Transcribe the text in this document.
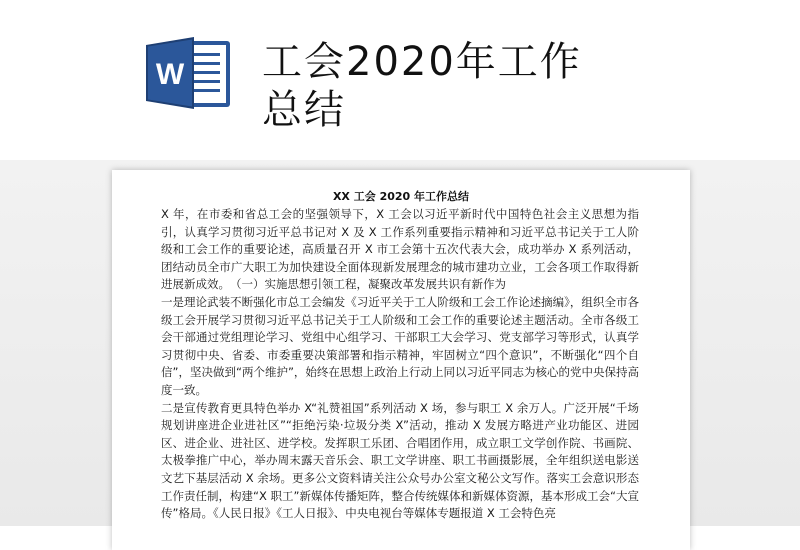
W 工会2020年工作
总结
XX 工会 2020 年工作总结

X 年，在市委和省总工会的坚强领导下，X 工会以习近平新时代中国特色社会主义思想为指引，认真学习贯彻习近平总书记对 X 及 X 工作系列重要指示精神和习近平总书记关于工人阶级和工会工作的重要论述，高质量召开 X 市工会第十五次代表大会，成功举办 X 系列活动，团结动员全市广大职工为加快建设全面体现新发展理念的城市建功立业，工会各项工作取得新进展新成效。　（一）实施思想引领工程，凝聚改革发展共识有新作为

一是理论武装不断强化市总工会编发《习近平关于工人阶级和工会工作论述摘编》，组织全市各级工会开展学习贯彻习近平总书记关于工人阶级和工会工作的重要论述主题活动。全市各级工会干部通过党组理论学习、党组中心组学习、干部职工大会学习、党支部学习等形式，认真学习贯彻中央、省委、市委重要决策部署和指示精神，牢固树立“四个意识”，不断强化“四个自信”，坚决做到“两个维护”，始终在思想上政治上行动上同以习近平同志为核心的党中央保持高度一致。

二是宣传教育更具特色举办 X“礼赞祖国”系列活动 X 场，参与职工 X 余万人。广泛开展“千场规划讲座进企业进社区”“拒绝污染·垃圾分类 X”活动，推动 X 发展方略进产业功能区、进园区、进企业、进社区、进学校。发挥职工乐团、合唱团作用，成立职工文学创作院、书画院、太极拳推广中心，举办周末露天音乐会、职工文学讲座、职工书画摄影展，全年组织送电影送文艺下基层活动 X 余场。更多公文资料请关注公众号办公室文秘公文写作。落实工会意识形态工作责任制，构建“X 职工”新媒体传播矩阵，整合传统媒体和新媒体资源，基本形成工会“大宣传”格局。《人民日报》《工人日报》、中央电视台等媒体专题报道 X 工会特色亮
